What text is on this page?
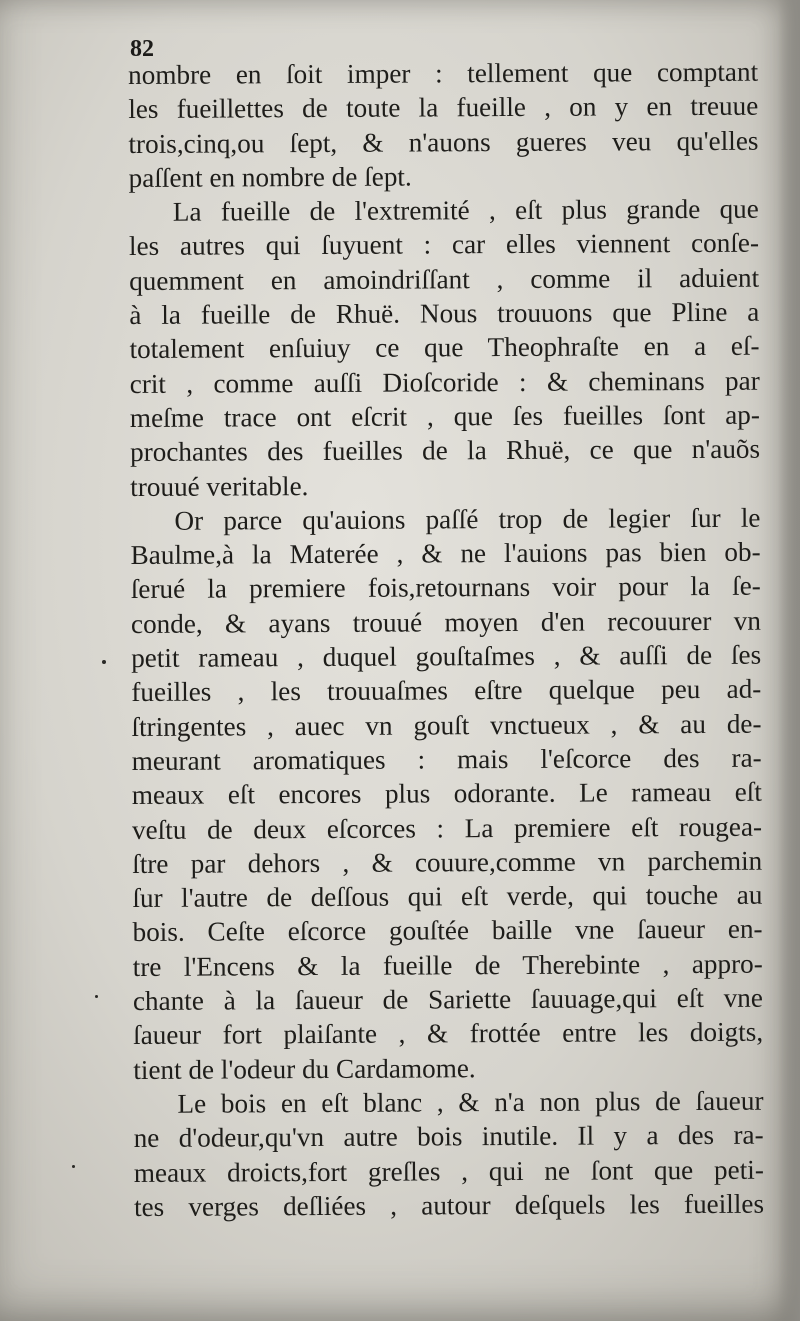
82
nombre en ſoit imper : tellement que comptant
les fueillettes de toute la fueille , on y en treuue
trois,cinq,ou ſept, & n'auons gueres veu qu'elles
paſſent en nombre de ſept.
La fueille de l'extremité , eſt plus grande que
les autres qui ſuyuent : car elles viennent conſe-
quemment en amoindriſſant , comme il aduient
à la fueille de Rhuë. Nous trouuons que Pline a
totalement enſuiuy ce que Theophraſte en a eſ-
crit , comme auſſi Dioſcoride : & cheminans par
meſme trace ont eſcrit , que ſes fueilles ſont ap-
prochantes des fueilles de la Rhuë, ce que n'auõs
trouué veritable.
Or parce qu'auions paſſé trop de legier ſur le
Baulme,à la Materée , & ne l'auions pas bien ob-
ſerué la premiere fois,retournans voir pour la ſe-
conde, & ayans trouué moyen d'en recouurer vn
petit rameau , duquel gouſtaſmes , & auſſi de ſes
fueilles , les trouuaſmes eſtre quelque peu ad-
ſtringentes , auec vn gouſt vnctueux , & au de-
meurant aromatiques : mais l'eſcorce des ra-
meaux eſt encores plus odorante. Le rameau eſt
veſtu de deux eſcorces : La premiere eſt rougea-
ſtre par dehors , & couure,comme vn parchemin
ſur l'autre de deſſous qui eſt verde, qui touche au
bois. Ceſte eſcorce gouſtée baille vne ſaueur en-
tre l'Encens & la fueille de Therebinte , appro-
chante à la ſaueur de Sariette ſauuage,qui eſt vne
ſaueur fort plaiſante , & frottée entre les doigts,
tient de l'odeur du Cardamome.
Le bois en eſt blanc , & n'a non plus de ſaueur
ne d'odeur,qu'vn autre bois inutile. Il y a des ra-
meaux droicts,fort greſles , qui ne ſont que peti-
tes verges deſliées , autour deſquels les fueilles
